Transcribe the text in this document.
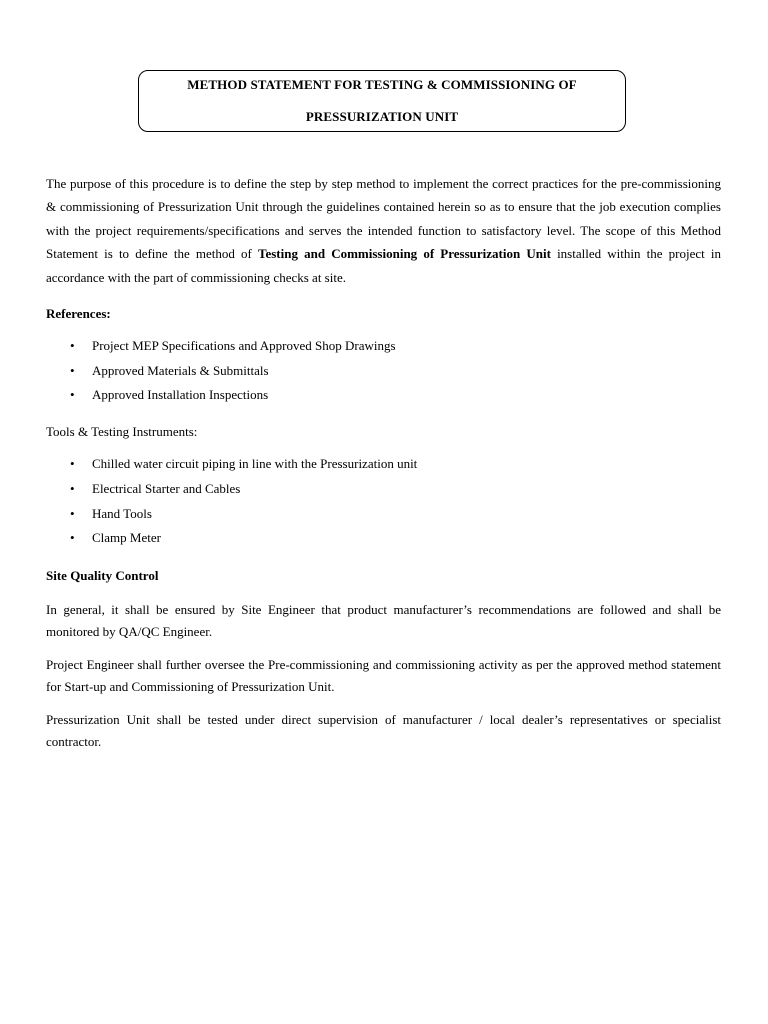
METHOD STATEMENT FOR TESTING & COMMISSIONING OF
PRESSURIZATION UNIT

The purpose of this procedure is to define the step by step method to implement the correct practices for the pre-commissioning & commissioning of Pressurization Unit through the guidelines contained herein so as to ensure that the job execution complies with the project requirements/specifications and serves the intended function to satisfactory level. The scope of this Method Statement is to define the method of Testing and Commissioning of Pressurization Unit installed within the project in accordance with the part of commissioning checks at site.

References:

• Project MEP Specifications and Approved Shop Drawings
• Approved Materials & Submittals
• Approved Installation Inspections

Tools & Testing Instruments:

• Chilled water circuit piping in line with the Pressurization unit
• Electrical Starter and Cables
• Hand Tools
• Clamp Meter

Site Quality Control

In general, it shall be ensured by Site Engineer that product manufacturer’s recommendations are followed and shall be monitored by QA/QC Engineer.

Project Engineer shall further oversee the Pre-commissioning and commissioning activity as per the approved method statement for Start-up and Commissioning of Pressurization Unit.

Pressurization Unit shall be tested under direct supervision of manufacturer / local dealer’s representatives or specialist contractor.
